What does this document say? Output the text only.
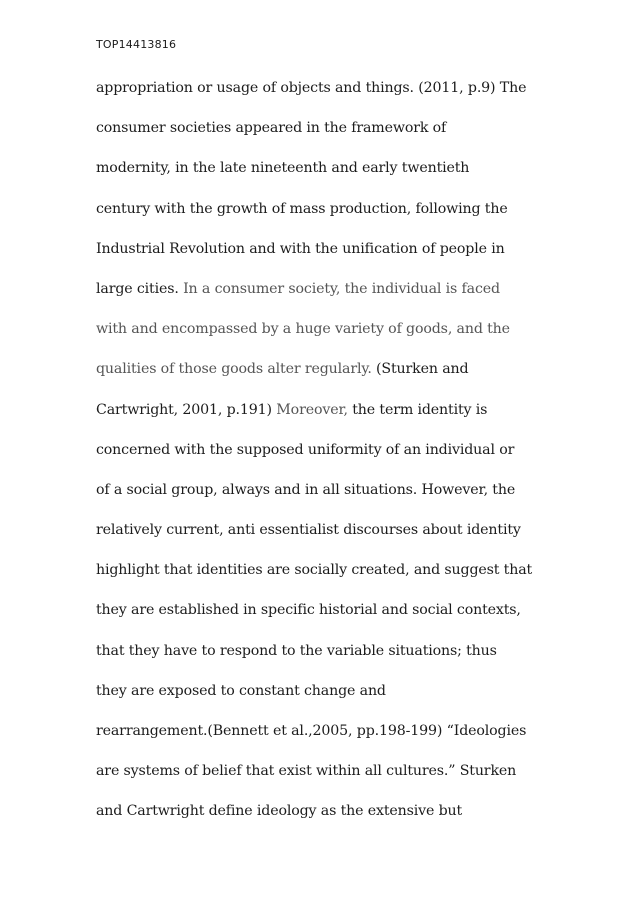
TOP14413816
appropriation or usage of objects and things. (2011, p.9) The
consumer societies appeared in the framework of
modernity, in the late nineteenth and early twentieth
century with the growth of mass production, following the
Industrial Revolution and with the unification of people in
large cities. In a consumer society, the individual is faced
with and encompassed by a huge variety of goods, and the
qualities of those goods alter regularly. (Sturken and
Cartwright, 2001, p.191) Moreover, the term identity is
concerned with the supposed uniformity of an individual or
of a social group, always and in all situations. However, the
relatively current, anti essentialist discourses about identity
highlight that identities are socially created, and suggest that
they are established in specific historial and social contexts,
that they have to respond to the variable situations; thus
they are exposed to constant change and
rearrangement.(Bennett et al.,2005, pp.198-199) “Ideologies
are systems of belief that exist within all cultures.” Sturken
and Cartwright define ideology as the extensive but
